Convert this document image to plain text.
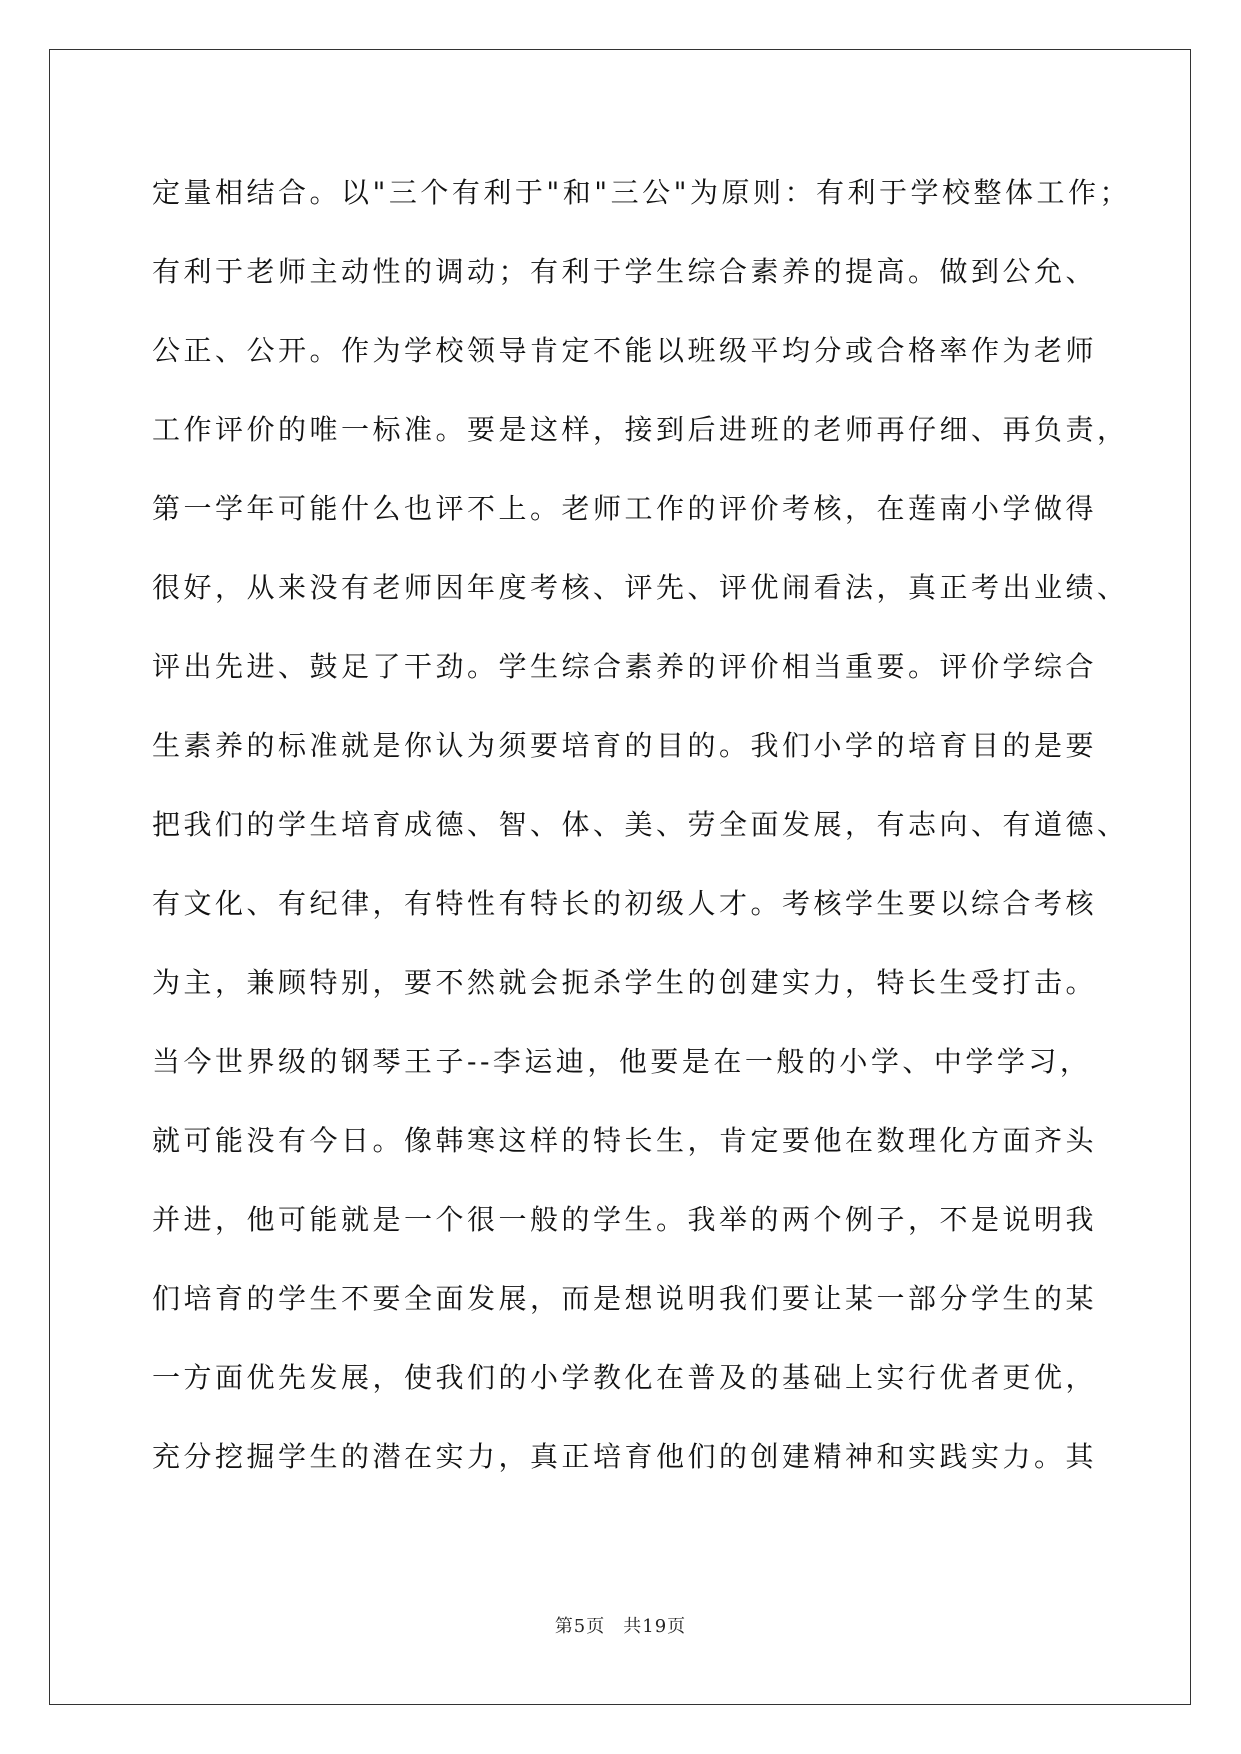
定量相结合。以"三个有利于"和"三公"为原则：有利于学校整体工作；
有利于老师主动性的调动；有利于学生综合素养的提高。做到公允、
公正、公开。作为学校领导肯定不能以班级平均分或合格率作为老师
工作评价的唯一标准。要是这样，接到后进班的老师再仔细、再负责，
第一学年可能什么也评不上。老师工作的评价考核，在莲南小学做得
很好，从来没有老师因年度考核、评先、评优闹看法，真正考出业绩、
评出先进、鼓足了干劲。学生综合素养的评价相当重要。评价学综合
生素养的标准就是你认为须要培育的目的。我们小学的培育目的是要
把我们的学生培育成德、智、体、美、劳全面发展，有志向、有道德、
有文化、有纪律，有特性有特长的初级人才。考核学生要以综合考核
为主，兼顾特别，要不然就会扼杀学生的创建实力，特长生受打击。
当今世界级的钢琴王子--李运迪，他要是在一般的小学、中学学习，
就可能没有今日。像韩寒这样的特长生，肯定要他在数理化方面齐头
并进，他可能就是一个很一般的学生。我举的两个例子，不是说明我
们培育的学生不要全面发展，而是想说明我们要让某一部分学生的某
一方面优先发展，使我们的小学教化在普及的基础上实行优者更优，
充分挖掘学生的潜在实力，真正培育他们的创建精神和实践实力。其
第5页 共19页
